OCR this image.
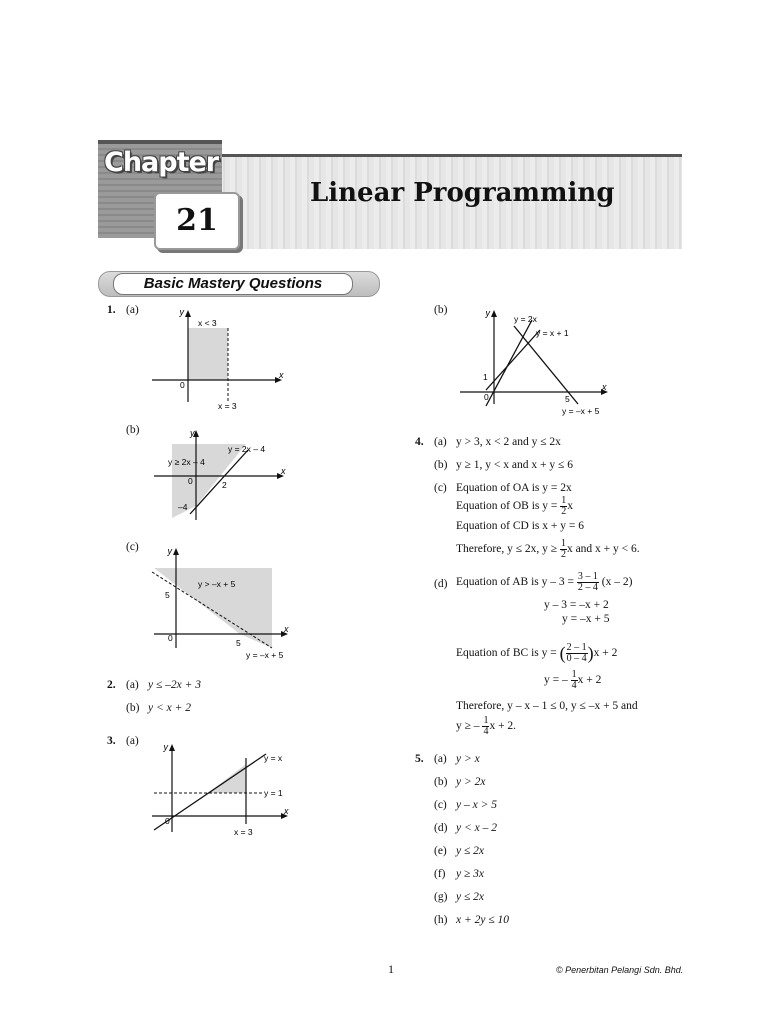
Chapter
21
Linear Programming
Basic Mastery Questions
1. (a)	y
x
x < 3
0
x = 3
(b)	y
x
y = 2x – 4
y ≥ 2x – 4
0	2
–4
(c)	y
x
y > –x + 5
5
0	5
y = –x + 5
2. (a) y ≤ –2x + 3
(b) y < x + 2
3. (a)	y
x
y = x
y = 1
x = 3
0
(b)	y
x
y = 2x
y = x + 1
y = –x + 5
1
0	5
4. (a) y > 3, x < 2 and y ≤ 2x
(b) y ≥ 1, y < x and x + y ≤ 6
(c) Equation of OA is y = 2x
Equation of OB is $y = \frac{1}{2}$ x
Equation of CD is x + y = 6
Therefore, y ≤ 2x, $y \ge \frac{1}{2}$ x and x + y < 6.
(d) Equation of AB is $y - 3 = \frac{3 - 1}{2 - 4} (x - 2)$
y – 3 = –x + 2
y = –x + 5
Equation of BC is y = ( $\frac{2 - 1}{0 - 4} )x + 2$
y = – $\frac{1}{4}$ x + 2
Therefore, y – x – 1 ≤ 0, y ≤ –x + 5 and
y ≥ – $\frac{1}{4}$ x + 2.
5. (a) y > x
(b) y > 2x
(c) y – x > 5
(d) y < x – 2
(e) y ≤ 2x
(f) y ≥ 3x
(g) y ≤ 2x
(h) x + 2y ≤ 10
1	© Penerbitan Pelangi Sdn. Bhd.
